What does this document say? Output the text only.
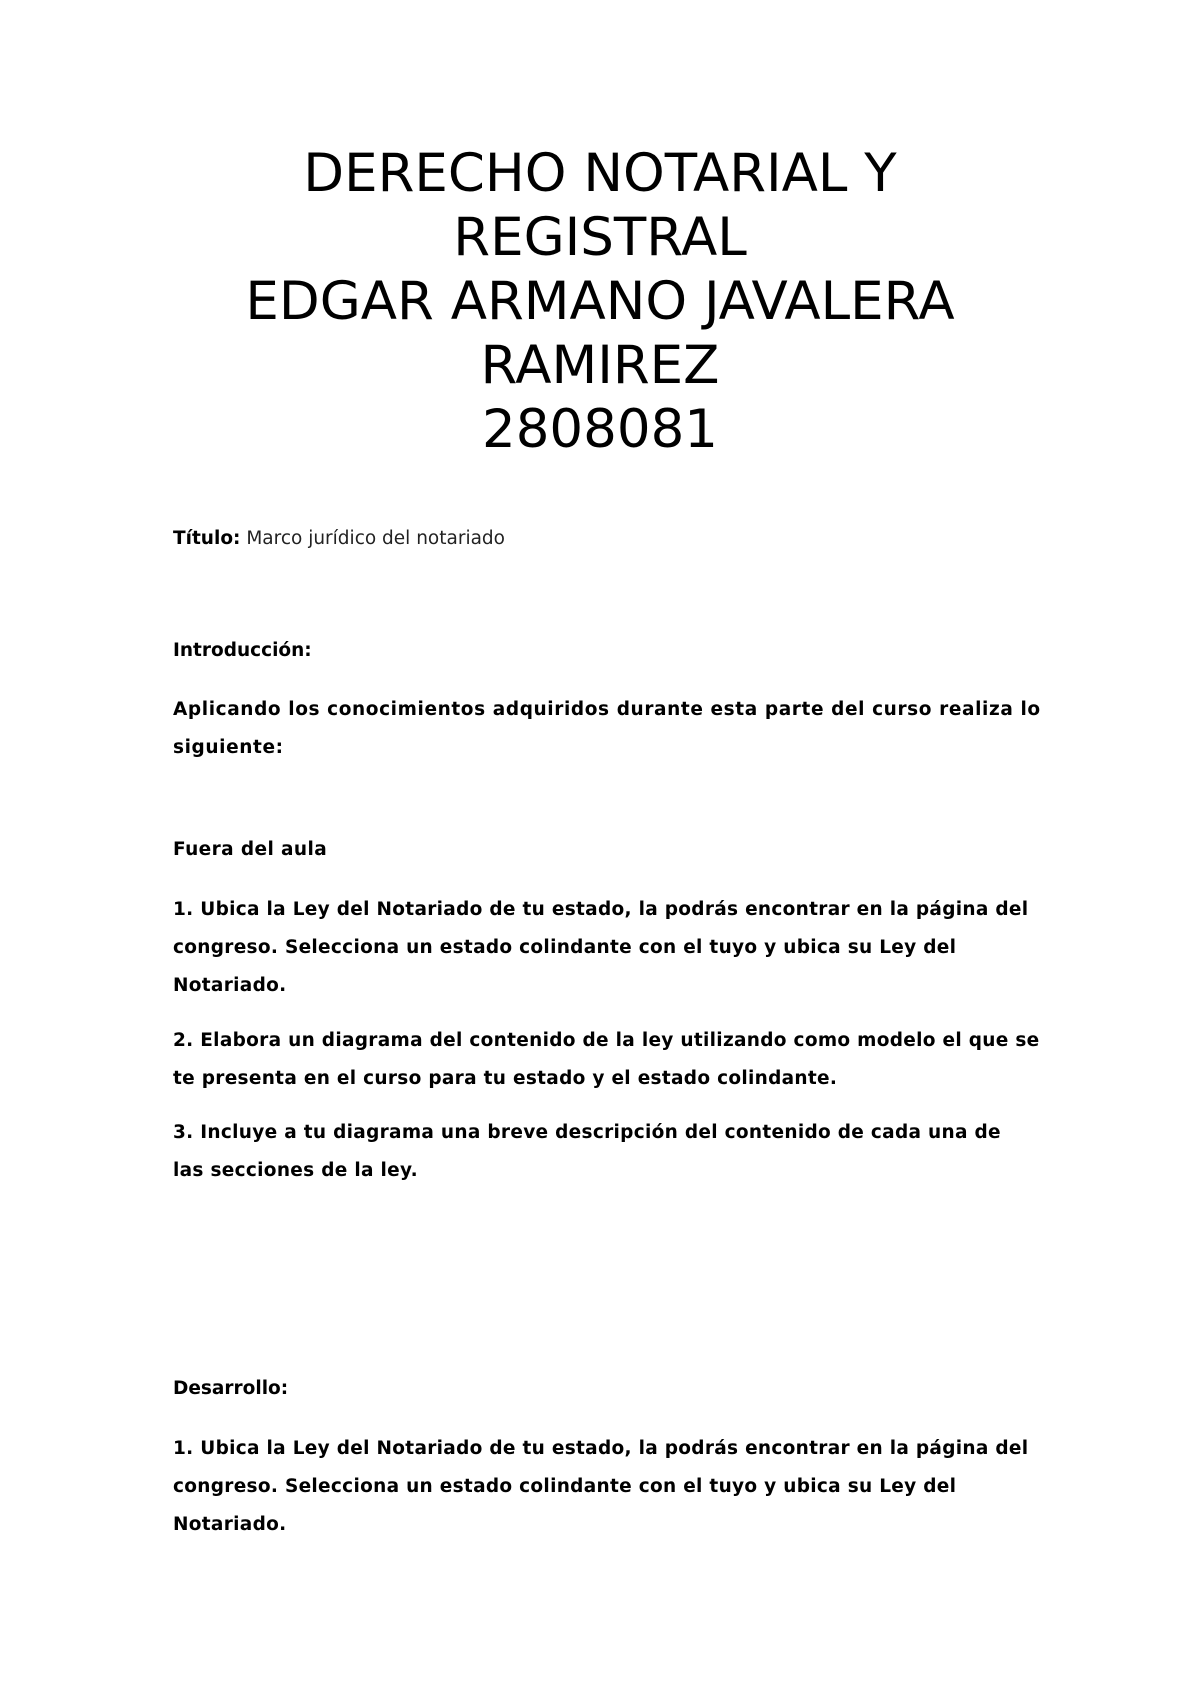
DERECHO NOTARIAL Y
REGISTRAL
EDGAR ARMANO JAVALERA
RAMIREZ
2808081
Título: Marco jurídico del notariado
Introducción:
Aplicando los conocimientos adquiridos durante esta parte del curso realiza lo
siguiente:
Fuera del aula
1. Ubica la Ley del Notariado de tu estado, la podrás encontrar en la página del
congreso. Selecciona un estado colindante con el tuyo y ubica su Ley del
Notariado.
2. Elabora un diagrama del contenido de la ley utilizando como modelo el que se
te presenta en el curso para tu estado y el estado colindante.
3. Incluye a tu diagrama una breve descripción del contenido de cada una de
las secciones de la ley.
Desarrollo:
1. Ubica la Ley del Notariado de tu estado, la podrás encontrar en la página del
congreso. Selecciona un estado colindante con el tuyo y ubica su Ley del
Notariado.
